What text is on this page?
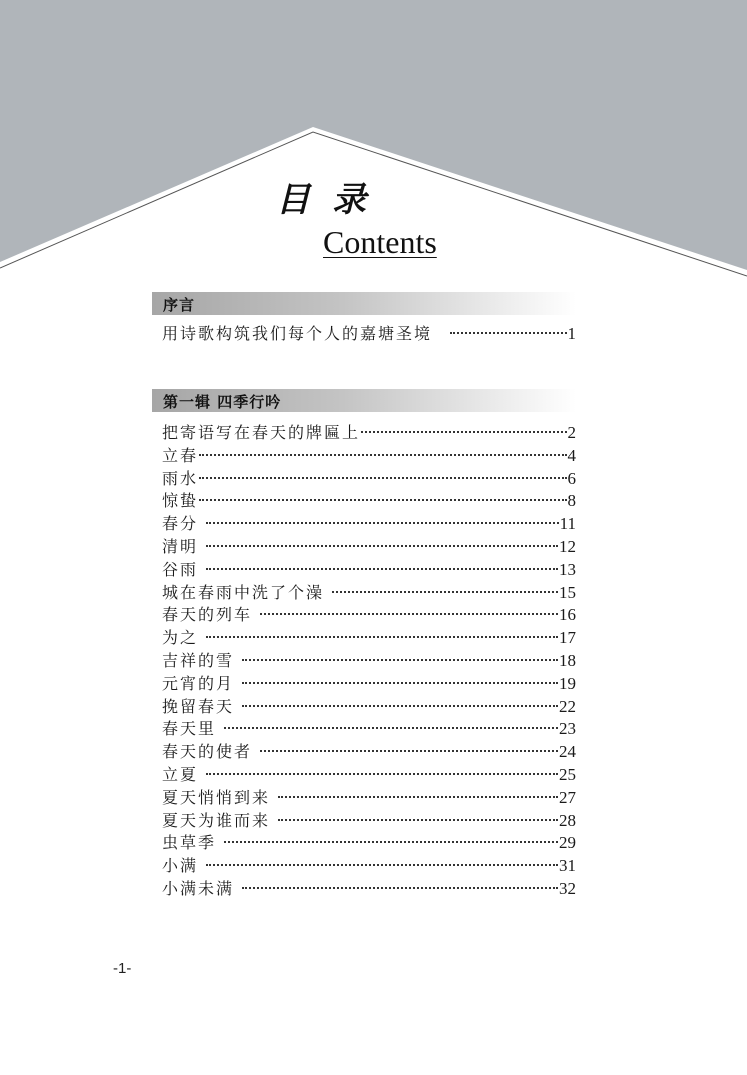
目录
Contents
序言
用诗歌构筑我们每个人的嘉塘圣境	1
第一辑 四季行吟
把寄语写在春天的牌匾上	2
立春	4
雨水	6
惊蛰	8
春分	11
清明	12
谷雨	13
城在春雨中洗了个澡	15
春天的列车	16
为之	17
吉祥的雪	18
元宵的月	19
挽留春天	22
春天里	23
春天的使者	24
立夏	25
夏天悄悄到来	27
夏天为谁而来	28
虫草季	29
小满	31
小满未满	32
-1-
